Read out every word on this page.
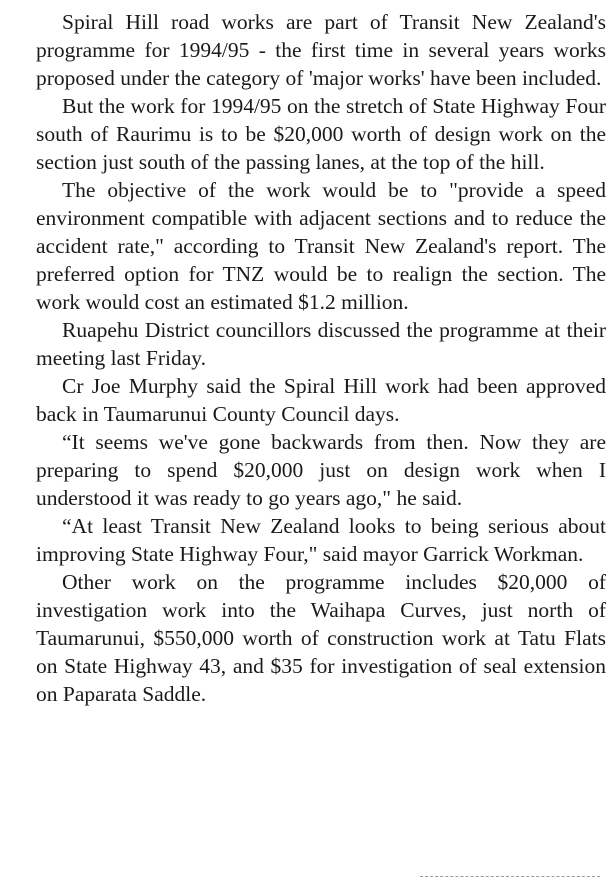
Spiral Hill road works are part of Transit New Zealand's programme for 1994/95 - the first time in several years works proposed under the category of 'major works' have been included.

But the work for 1994/95 on the stretch of State Highway Four south of Raurimu is to be $20,000 worth of design work on the section just south of the passing lanes, at the top of the hill.

The objective of the work would be to "provide a speed environment compatible with adjacent sections and to reduce the accident rate," according to Transit New Zealand's report. The preferred option for TNZ would be to realign the section. The work would cost an estimated $1.2 million.

Ruapehu District councillors discussed the programme at their meeting last Friday.

Cr Joe Murphy said the Spiral Hill work had been approved back in Taumarunui County Council days.

“It seems we've gone backwards from then. Now they are preparing to spend $20,000 just on design work when I understood it was ready to go years ago," he said.

“At least Transit New Zealand looks to being serious about improving State Highway Four," said mayor Garrick Workman.

Other work on the programme includes $20,000 of investigation work into the Waihapa Curves, just north of Taumarunui, $550,000 worth of construction work at Tatu Flats on State Highway 43, and $35 for investigation of seal extension on Paparata Saddle.
